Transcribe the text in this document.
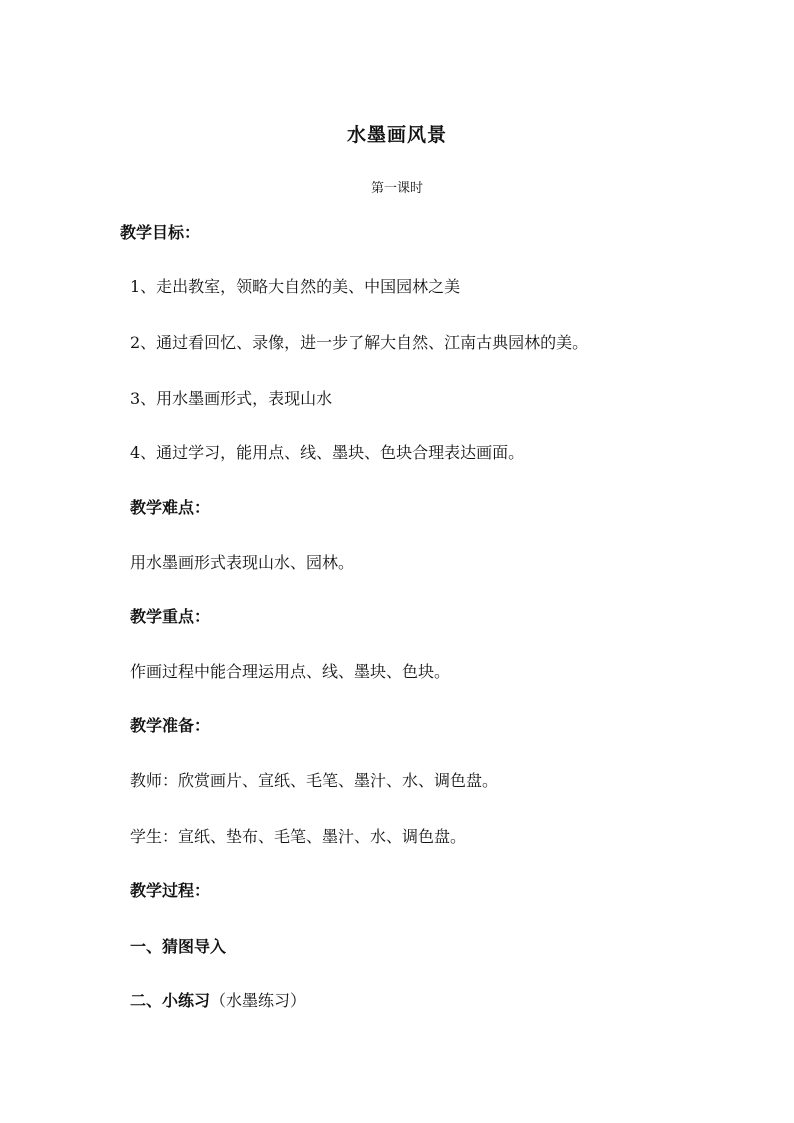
水墨画风景
第一课时
教学目标：
1、走出教室，领略大自然的美、中国园林之美
2、通过看回忆、录像，进一步了解大自然、江南古典园林的美。
3、用水墨画形式，表现山水
4、通过学习，能用点、线、墨块、色块合理表达画面。
教学难点：
用水墨画形式表现山水、园林。
教学重点：
作画过程中能合理运用点、线、墨块、色块。
教学准备：
教师：欣赏画片、宣纸、毛笔、墨汁、水、调色盘。
学生：宣纸、垫布、毛笔、墨汁、水、调色盘。
教学过程：
一、猜图导入
二、小练习（水墨练习）
